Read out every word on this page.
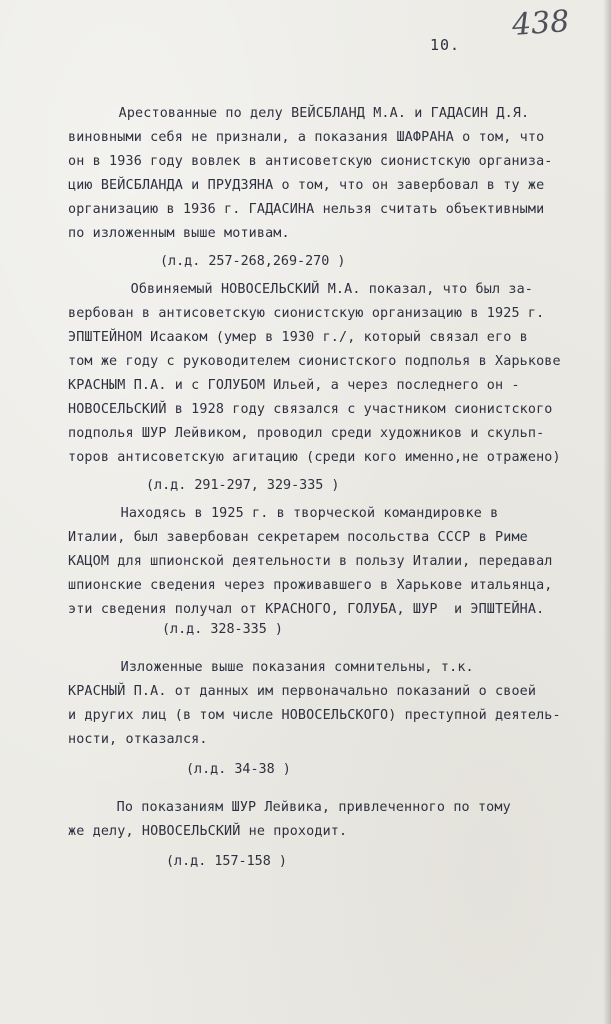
10.
438
Арестованные по делу ВЕЙСБЛАНД М.А. и ГАДАСИН Д.Я.
виновными себя не признали, а показания ШАФРАНА о том, что
он в 1936 году вовлек в антисоветскую сионистскую организа-
цию ВЕЙСБЛАНДА и ПРУДЗЯНА о том, что он завербовал в ту же
организацию в 1936 г. ГАДАСИНА нельзя считать объективными
по изложенным выше мотивам.
(л.д. 257-268,269-270 )
Обвиняемый НОВОСЕЛЬСКИЙ М.А. показал, что был за-
вербован в антисоветскую сионистскую организацию в 1925 г.
ЭПШТЕЙНОМ Исааком (умер в 1930 г./, который связал его в
том же году с руководителем сионистского подполья в Харькове
КРАСНЫМ П.А. и с ГОЛУБОМ Ильей, а через последнего он -
НОВОСЕЛЬСКИЙ в 1928 году связался с участником сионистского
подполья ШУР Лейвиком, проводил среди художников и скульп-
торов антисоветскую агитацию (среди кого именно,не отражено)
(л.д. 291-297, 329-335 )
Находясь в 1925 г. в творческой командировке в
Италии, был завербован секретарем посольства СССР в Риме
КАЦОМ для шпионской деятельности в пользу Италии, передавал
шпионские сведения через проживавшего в Харькове итальянца,
эти сведения получал от КРАСНОГО, ГОЛУБА, ШУР  и ЭПШТЕЙНА.
(л.д. 328-335 )
Изложенные выше показания сомнительны, т.к.
КРАСНЫЙ П.А. от данных им первоначально показаний о своей
и других лиц (в том числе НОВОСЕЛЬСКОГО) преступной деятель-
ности, отказался.
(л.д. 34-38 )
По показаниям ШУР Лейвика, привлеченного по тому
же делу, НОВОСЕЛЬСКИЙ не проходит.
(л.д. 157-158 )
